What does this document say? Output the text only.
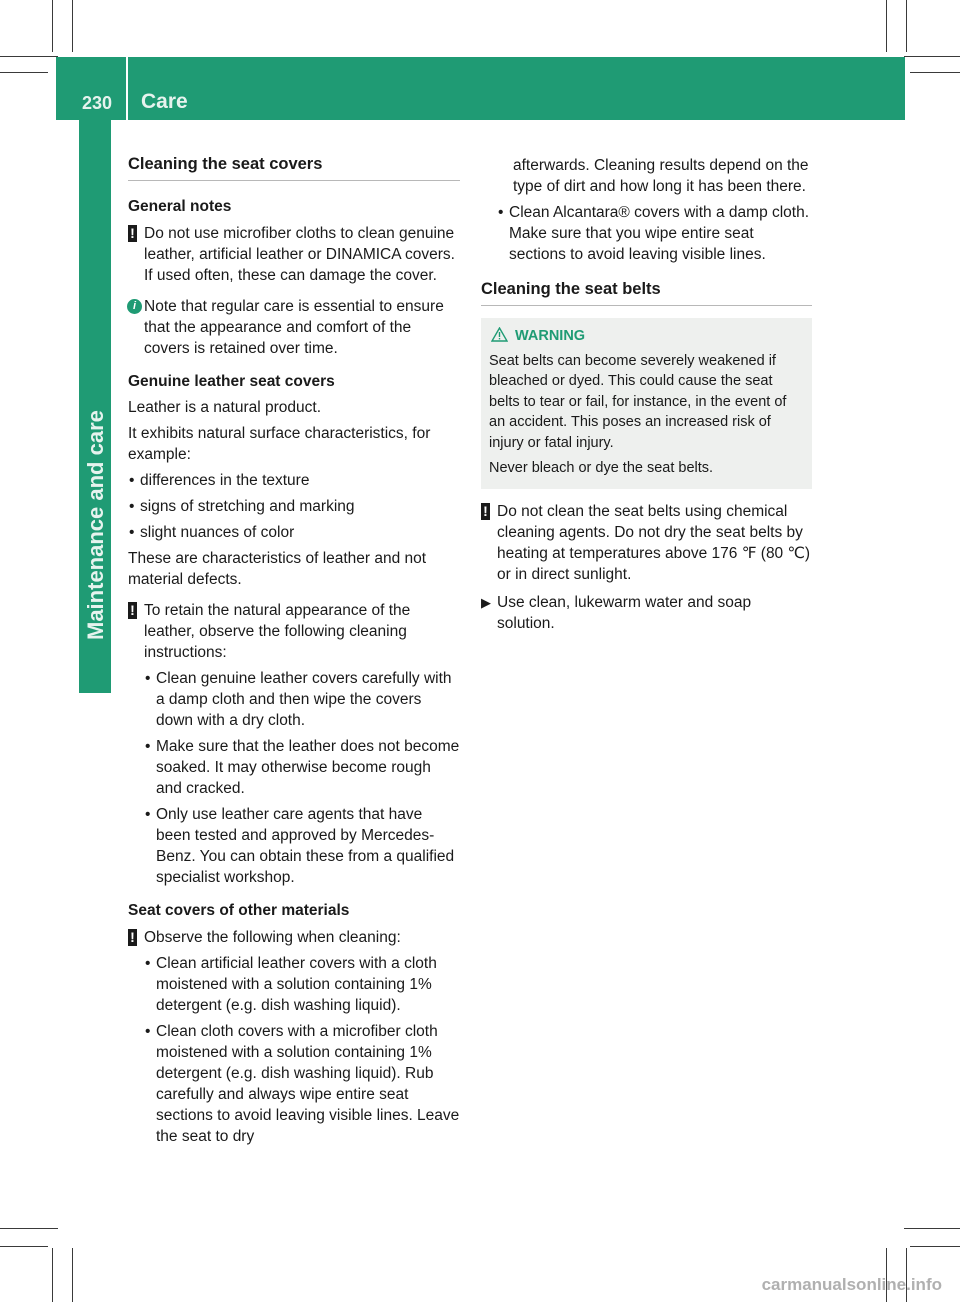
230 Care
Maintenance and care

Cleaning the seat covers

General notes

! Do not use microfiber cloths to clean genuine leather, artificial leather or DINAMICA covers. If used often, these can damage the cover.

i Note that regular care is essential to ensure that the appearance and comfort of the covers is retained over time.

Genuine leather seat covers

Leather is a natural product.

It exhibits natural surface characteristics, for example:

• differences in the texture

• signs of stretching and marking

• slight nuances of color

These are characteristics of leather and not material defects.

! To retain the natural appearance of the leather, observe the following cleaning instructions:

• Clean genuine leather covers carefully with a damp cloth and then wipe the covers down with a dry cloth.

• Make sure that the leather does not become soaked. It may otherwise become rough and cracked.

• Only use leather care agents that have been tested and approved by Mercedes-Benz. You can obtain these from a qualified specialist workshop.

Seat covers of other materials

! Observe the following when cleaning:

• Clean artificial leather covers with a cloth moistened with a solution containing 1% detergent (e.g. dish washing liquid).

• Clean cloth covers with a microfiber cloth moistened with a solution containing 1% detergent (e.g. dish washing liquid). Rub carefully and always wipe entire seat sections to avoid leaving visible lines. Leave the seat to dry

afterwards. Cleaning results depend on the type of dirt and how long it has been there.

• Clean Alcantara® covers with a damp cloth. Make sure that you wipe entire seat sections to avoid leaving visible lines.

Cleaning the seat belts

WARNING

Seat belts can become severely weakened if bleached or dyed. This could cause the seat belts to tear or fail, for instance, in the event of an accident. This poses an increased risk of injury or fatal injury.

Never bleach or dye the seat belts.

! Do not clean the seat belts using chemical cleaning agents. Do not dry the seat belts by heating at temperatures above 176 ℉ (80 ℃) or in direct sunlight.

▶ Use clean, lukewarm water and soap solution.

carmanualsonline.info
